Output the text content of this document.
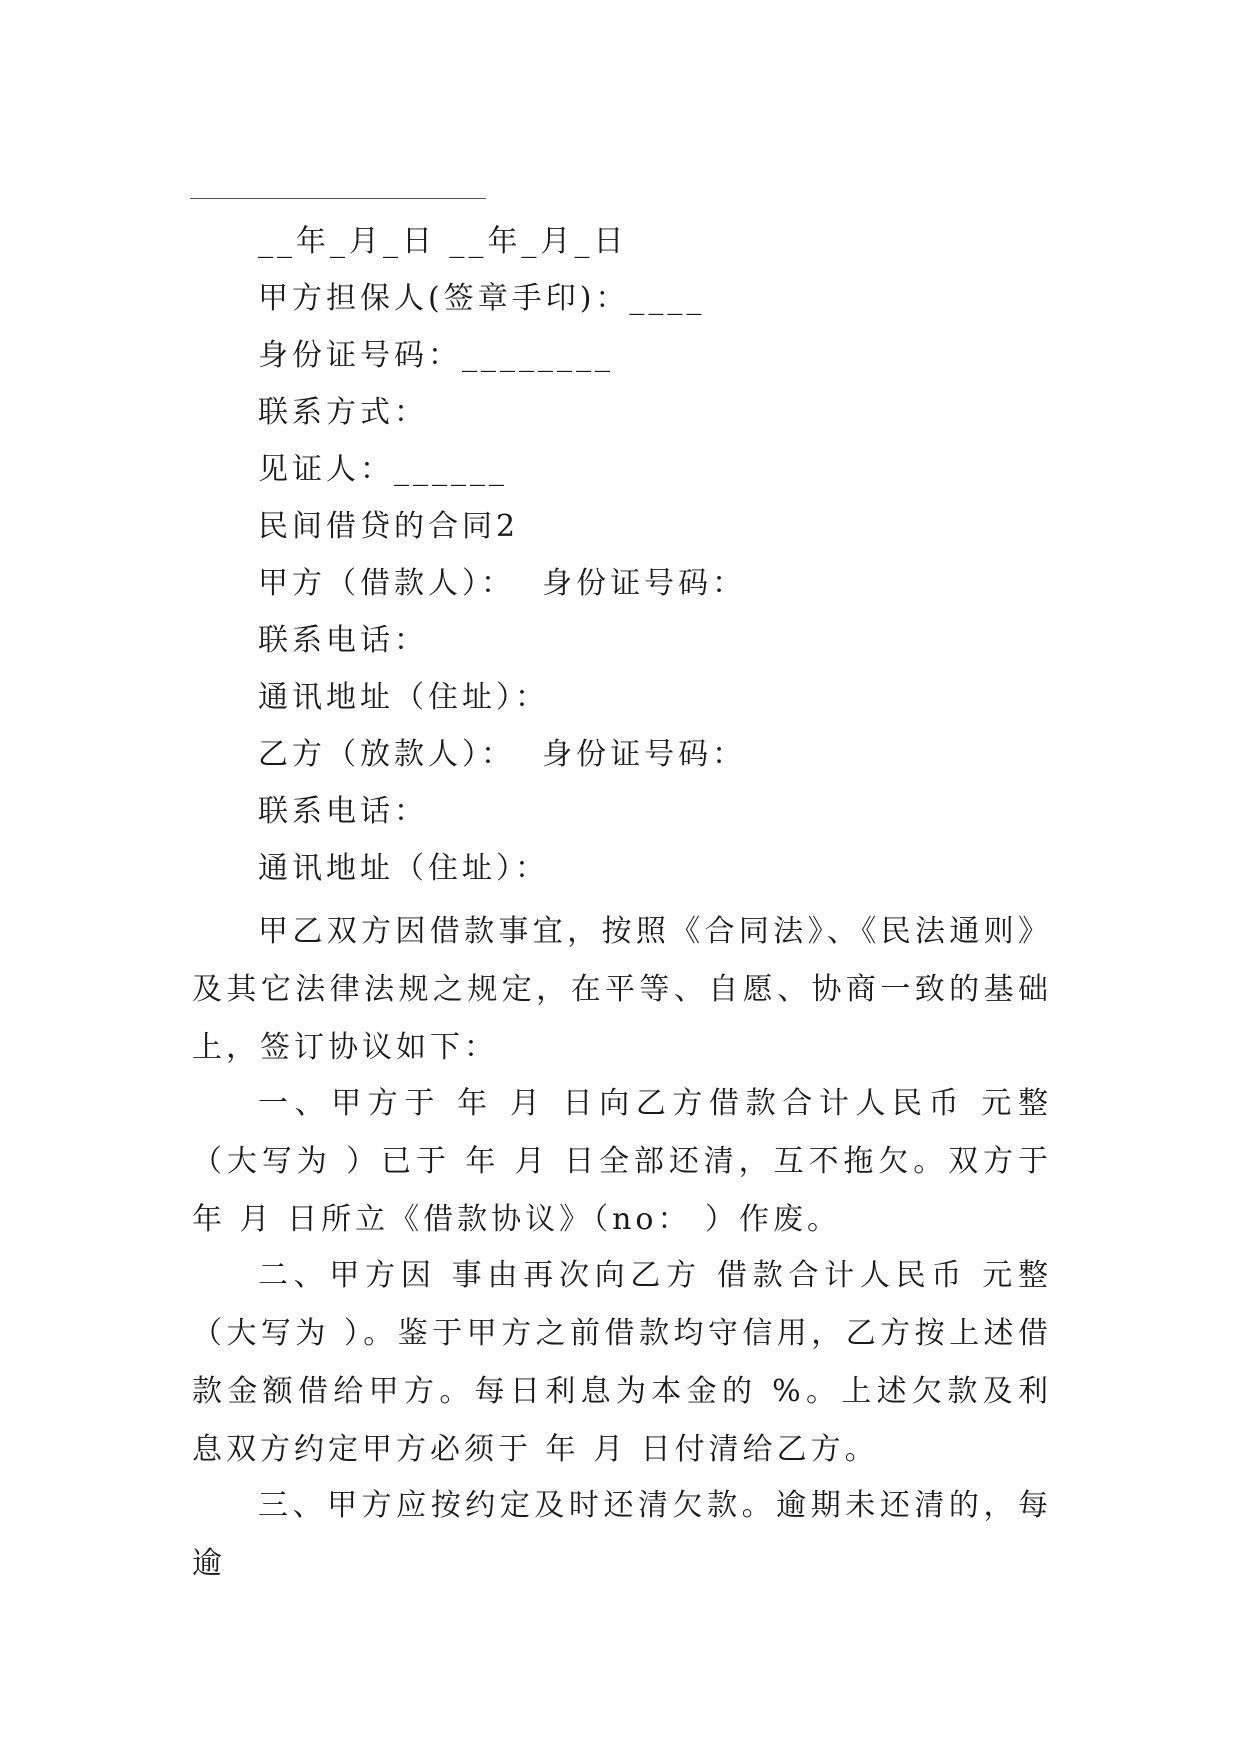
__年_月_日 __年_月_日
甲方担保人(签章手印)：____
身份证号码：________
联系方式：
见证人：______
民间借贷的合同2
甲方（借款人）：  身份证号码：
联系电话：
通讯地址（住址）：
乙方（放款人）：  身份证号码：
联系电话：
通讯地址（住址）：
甲乙双方因借款事宜，按照《合同法》、《民法通则》及其它法律法规之规定，在平等、自愿、协商一致的基础上，签订协议如下：
一、甲方于 年 月 日向乙方借款合计人民币 元整（大写为 ）已于 年 月 日全部还清，互不拖欠。双方于 年 月 日所立《借款协议》（no： ）作废。
二、甲方因 事由再次向乙方 借款合计人民币 元整（大写为 ）。鉴于甲方之前借款均守信用，乙方按上述借款金额借给甲方。每日利息为本金的 %。上述欠款及利息双方约定甲方必须于 年 月 日付清给乙方。
三、甲方应按约定及时还清欠款。逾期未还清的，每逾
